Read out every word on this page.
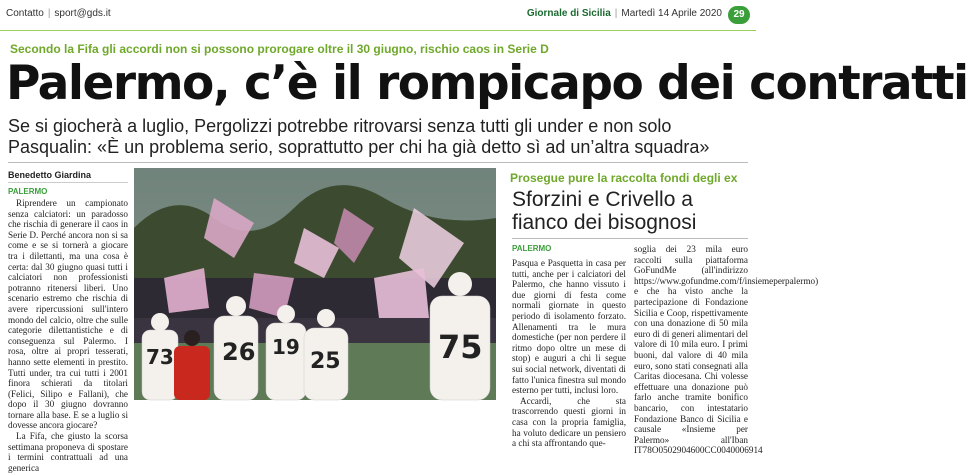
Contatto | sport@gds.it	Giornale di Sicilia | Martedì 14 Aprile 2020	29
Secondo la Fifa gli accordi non si possono prorogare oltre il 30 giugno, rischio caos in Serie D
Palermo, c’è il rompicapo dei contratti
Se si giocherà a luglio, Pergolizzi potrebbe ritrovarsi senza tutti gli under e non solo Pasqualin: «È un problema serio, soprattutto per chi ha già detto sì ad un’altra squadra»
Benedetto Giardina
PALERMO

Riprendere un campionato senza calciatori: un paradosso che rischia di generare il caos in Serie D. Perché ancora non si sa come e se si tornerà a giocare tra i dilettanti, ma una cosa è certa: dal 30 giugno quasi tutti i calciatori non professionisti potranno ritenersi liberi. Uno scenario estremo che rischia di avere ripercussioni sull'intero mondo del calcio, oltre che sulle categorie dilettantistiche e di conseguenza sul Palermo. I rosa, oltre ai propri tesserati, hanno sette elementi in prestito. Tutti under, tra cui tutti i 2001 finora schierati da titolari (Felici, Silipo e Fallani), che dopo il 30 giugno dovranno tornare alla base. E se a luglio si dovesse ancora giocare?

La Fifa, che giusto la scorsa settimana proponeva di spostare i termini contrattuali ad una generica

73 26 19
25	75
Prosegue pure la raccolta fondi degli ex
Sforzini e Crivello a fianco dei bisognosi
PALERMO

Pasqua e Pasquetta in casa per tutti, anche per i calciatori del Palermo, che hanno vissuto i due giorni di festa come normali giornate in questo periodo di isolamento forzato. Allenamenti tra le mura domestiche (per non perdere il ritmo dopo oltre un mese di stop) e auguri a chi li segue sui social network, diventati di fatto l'unica finestra sul mondo esterno per tutti, inclusi loro.

Accardi, che sta trascorrendo questi giorni in casa con la propria famiglia, ha voluto dedicare un pensiero a chi sta affrontando que-

soglia dei 23 mila euro raccolti sulla piattaforma GoFundMe (all'indirizzo https://www.gofundme.com/f/insiemeperpalermo) e che ha visto anche la partecipazione di Fondazione Sicilia e Coop, rispettivamente con una donazione di 50 mila euro di di generi alimentari del valore di 10 mila euro. I primi buoni, dal valore di 40 mila euro, sono stati consegnati alla Caritas diocesana. Chi volesse effettuare una donazione può farlo anche tramite bonifico bancario, con intestatario Fondazione Banco di Sicilia e causale «Insieme per Palermo» all'Iban IT78O0502904600CC0040006914
